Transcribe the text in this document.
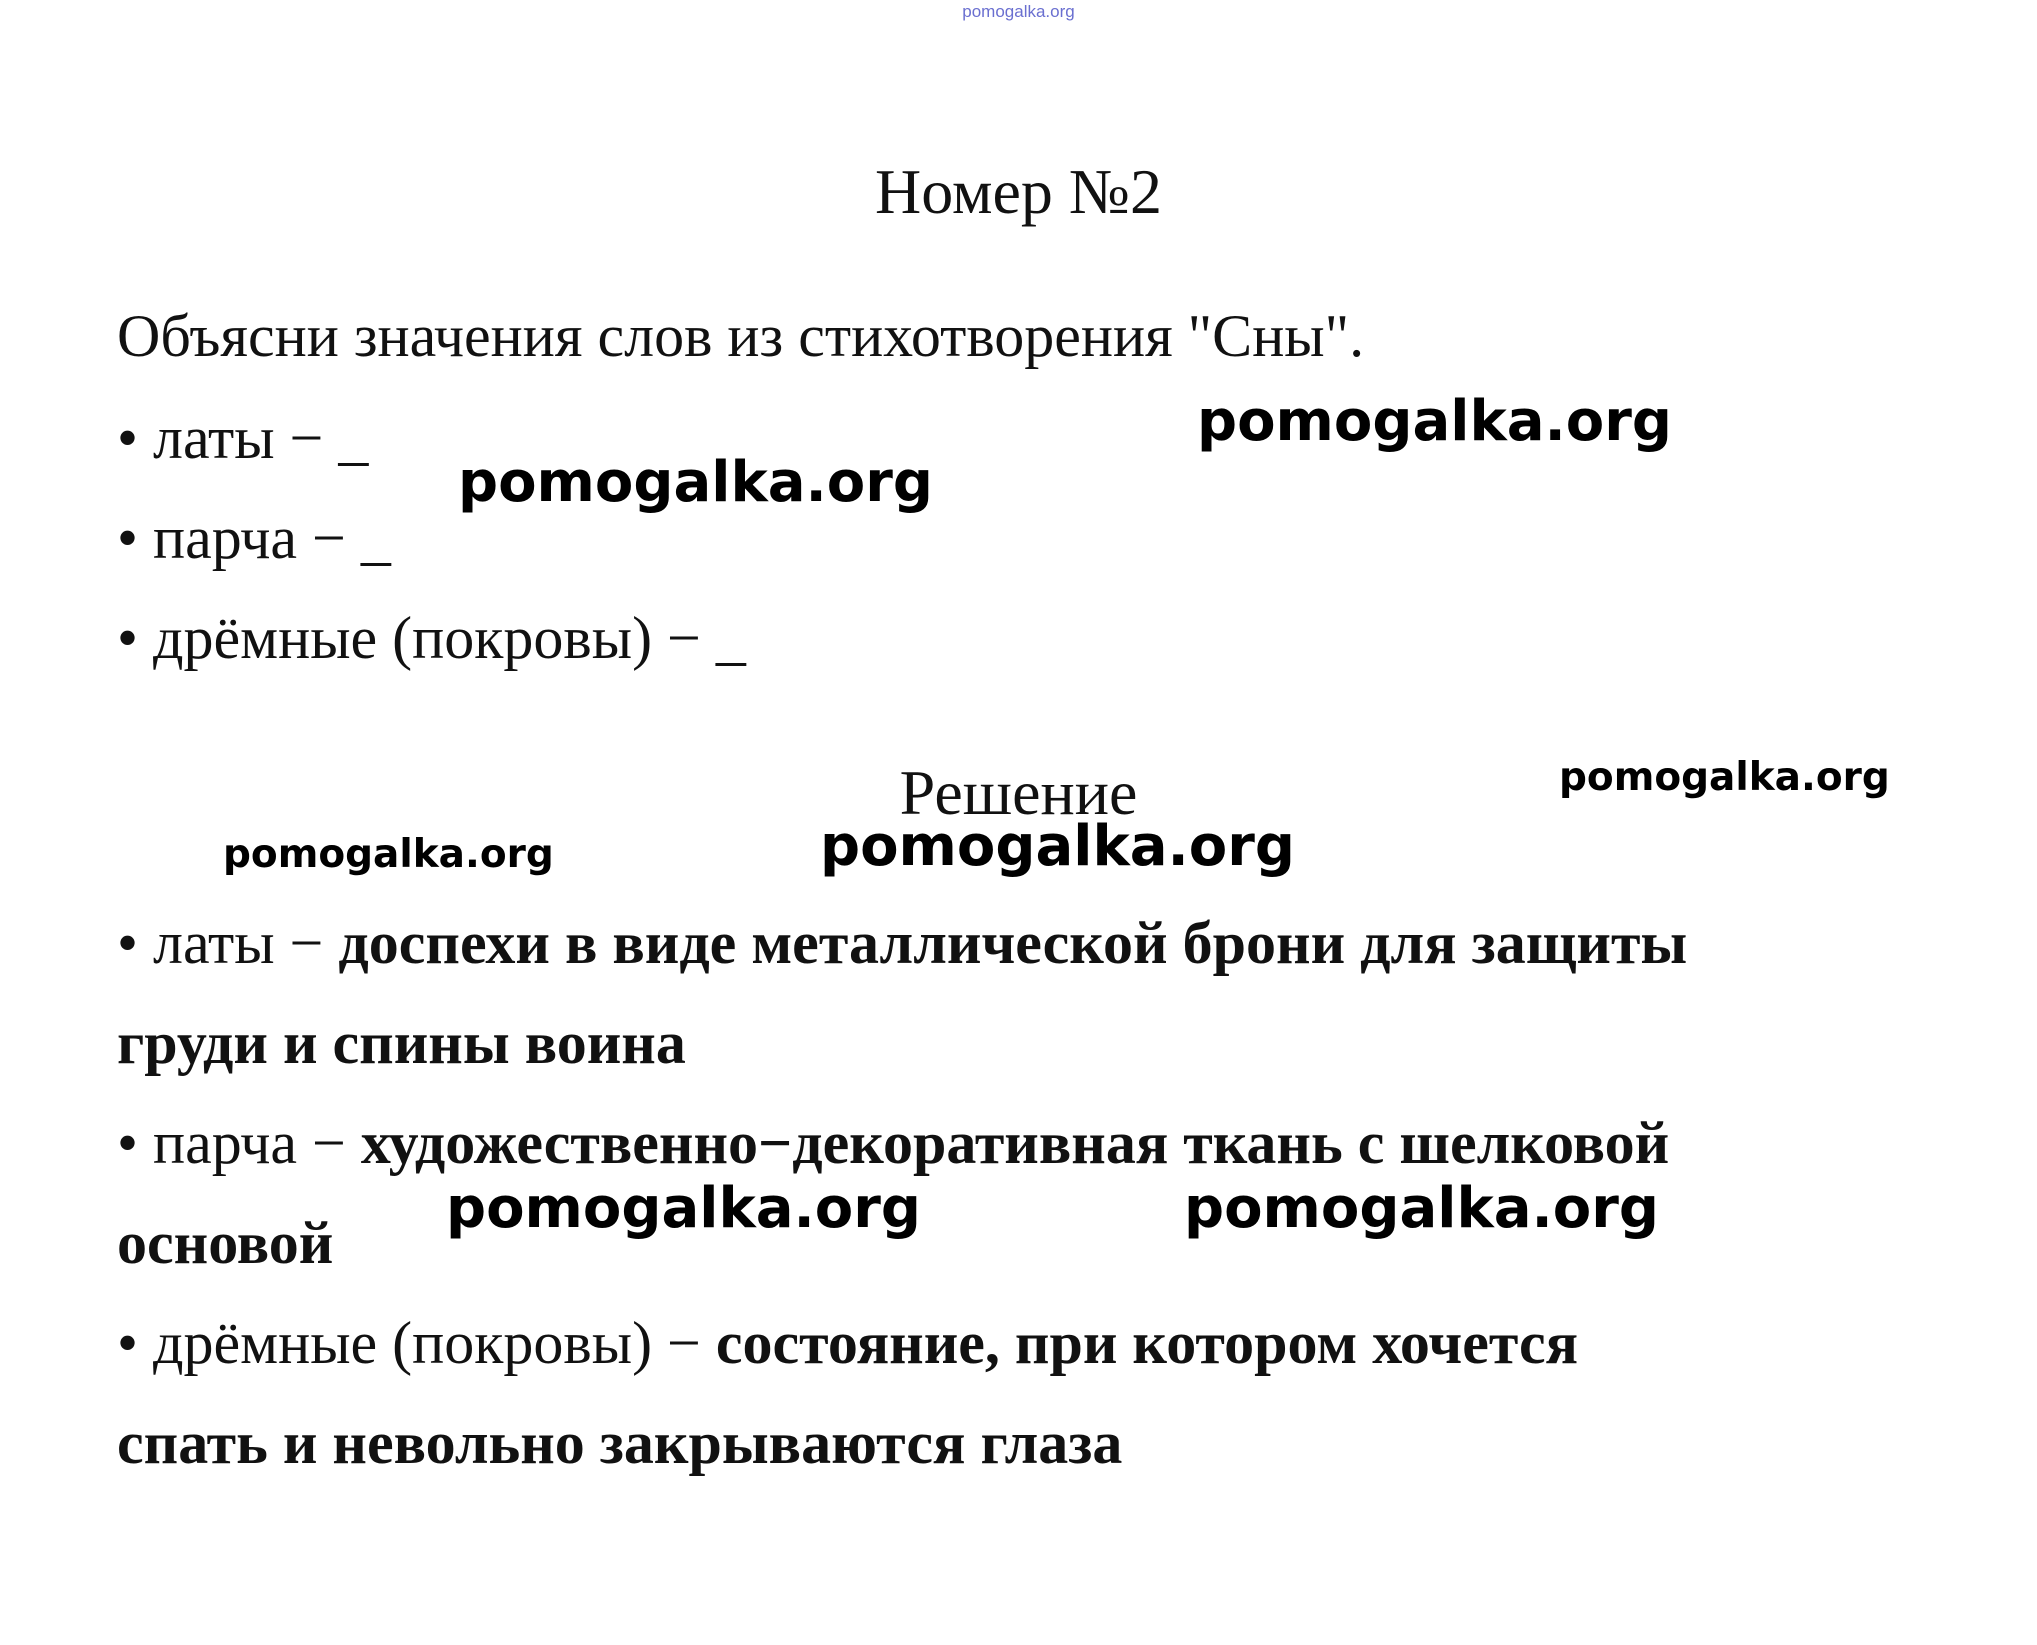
pomogalka.org
Номер №2
Объясни значения слов из стихотворения "Сны".
• латы − _
• парча − _
• дрёмные (покровы) − _
Решение
• латы − доспехи в виде металлической брони для защиты
груди и спины воина
• парча − художественно−декоративная ткань с шелковой
основой
• дрёмные (покровы) − состояние, при котором хочется
спать и невольно закрываются глаза
pomogalka.org
pomogalka.org
pomogalka.org
pomogalka.org	pomogalka.org
pomogalka.org	pomogalka.org
